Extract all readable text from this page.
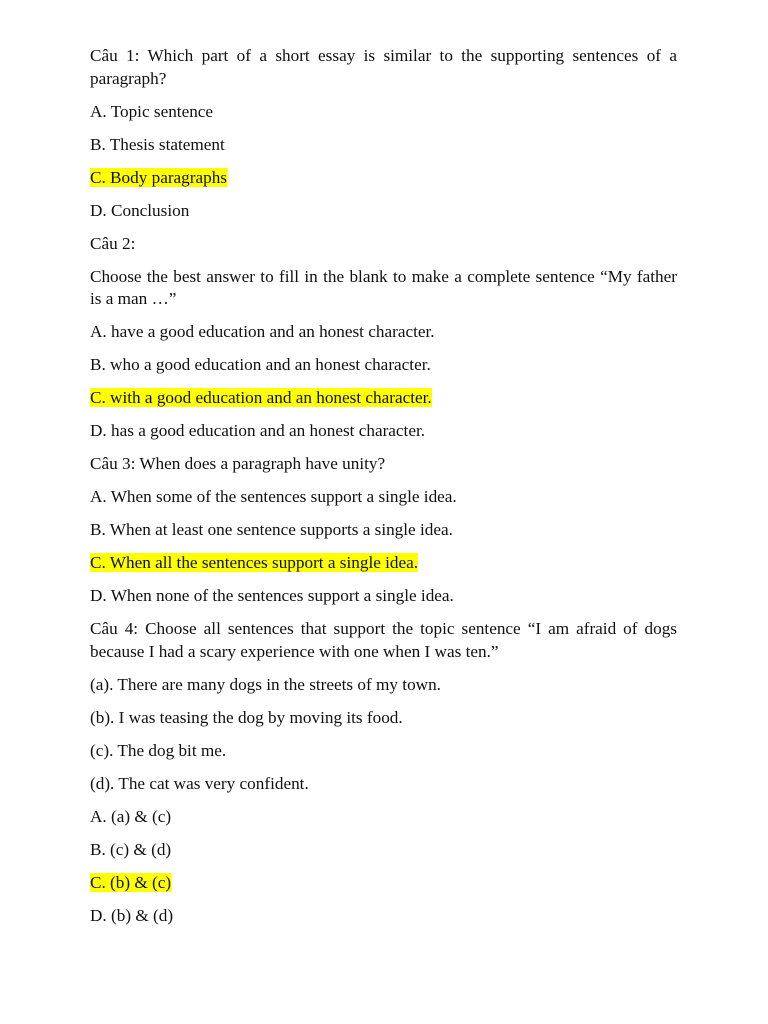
Câu 1: Which part of a short essay is similar to the supporting sentences of a paragraph?

A. Topic sentence

B. Thesis statement

C. Body paragraphs

D. Conclusion

Câu 2:

Choose the best answer to fill in the blank to make a complete sentence “My father is a man …”

A. have a good education and an honest character.

B. who a good education and an honest character.

C. with a good education and an honest character.

D. has a good education and an honest character.

Câu 3: When does a paragraph have unity?

A. When some of the sentences support a single idea.

B. When at least one sentence supports a single idea.

C. When all the sentences support a single idea.

D. When none of the sentences support a single idea.

Câu 4: Choose all sentences that support the topic sentence “I am afraid of dogs because I had a scary experience with one when I was ten.”

(a). There are many dogs in the streets of my town.

(b). I was teasing the dog by moving its food.

(c). The dog bit me.

(d). The cat was very confident.

A. (a) & (c)

B. (c) & (d)

C. (b) & (c)

D. (b) & (d)
